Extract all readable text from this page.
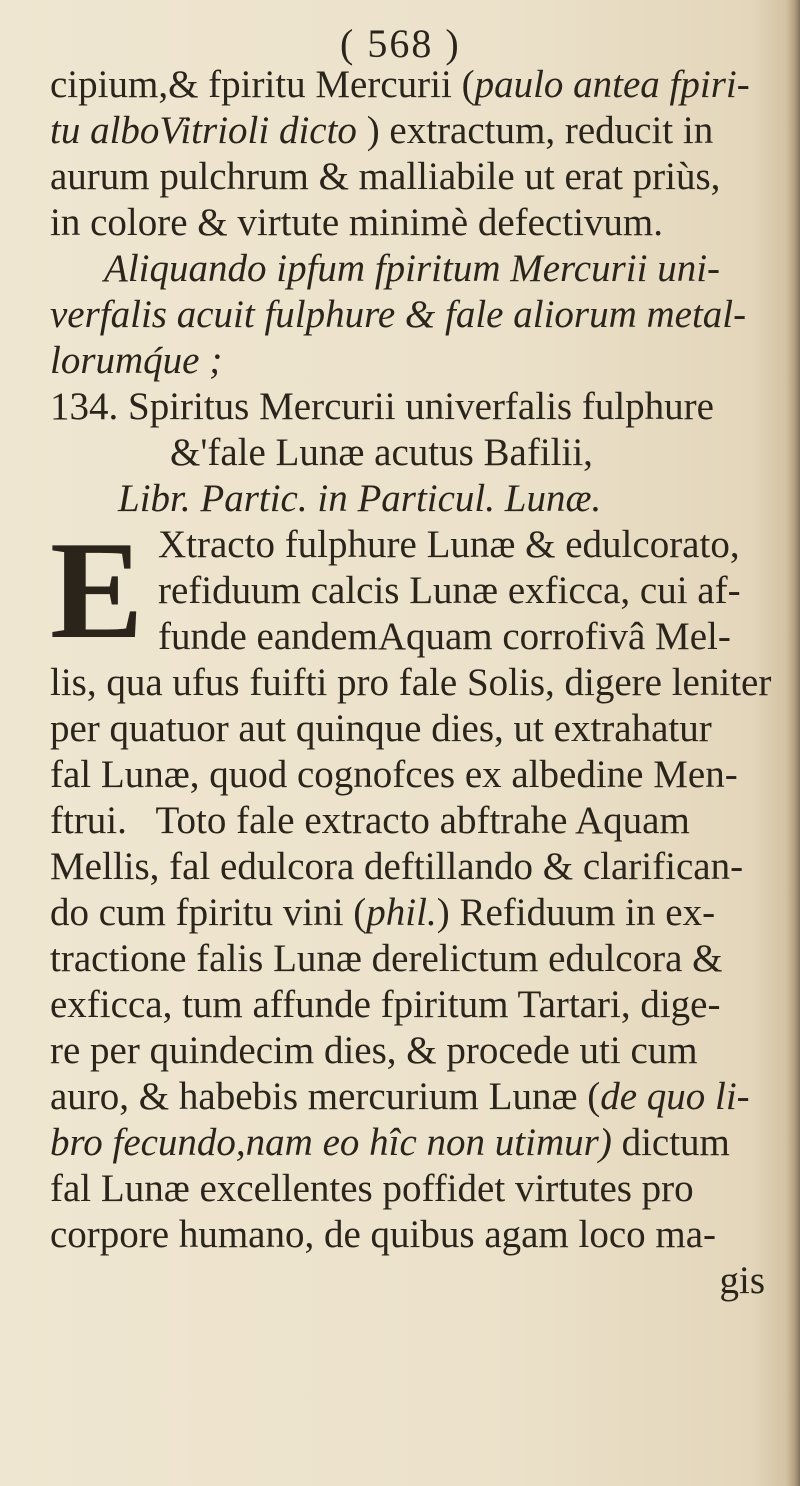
( 568 )
cipium,& fpiritu Mercurii (paulo antea fpiri-
tu alboVitrioli dicto ) extractum, reducit in
aurum pulchrum & malliabile ut erat priùs,
in colore & virtute minimè defectivum.
Aliquando ipfum fpiritum Mercurii uni-
verfalis acuit fulphure & fale aliorum metal-
lorumq́ue ;
134. Spiritus Mercurii univerfalis fulphure
&'fale Lunæ acutus Bafilii,
Libr. Partic. in Particul. Lunæ.
E Xtracto fulphure Lunæ & edulcorato,
refiduum calcis Lunæ exficca, cui af-
funde eandemAquam corrofivâ Mel-
lis, qua ufus fuifti pro fale Solis, digere leniter
per quatuor aut quinque dies, ut extrahatur
fal Lunæ, quod cognofces ex albedine Men-
ftrui.   Toto fale extracto abftrahe Aquam
Mellis, fal edulcora deftillando & clarifican-
do cum fpiritu vini (phil.) Refiduum in ex-
tractione falis Lunæ derelictum edulcora &
exficca, tum affunde fpiritum Tartari, dige-
re per quindecim dies, & procede uti cum
auro, & habebis mercurium Lunæ (de quo li-
bro fecundo,nam eo hîc non utimur) dictum
fal Lunæ excellentes poffidet virtutes pro
corpore humano, de quibus agam loco ma-
gis
